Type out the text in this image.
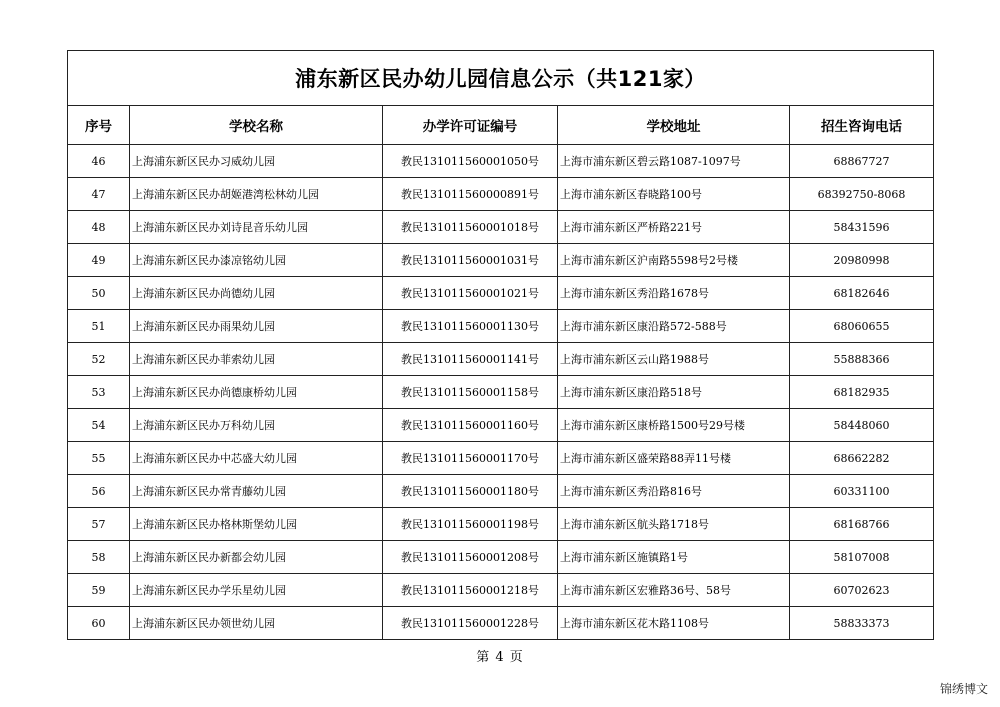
浦东新区民办幼儿园信息公示（共121家）				
序号	学校名称	办学许可证编号	学校地址	招生咨询电话
46	上海浦东新区民办习威幼儿园	教民131011560001050号	上海市浦东新区碧云路1087-1097号	68867727
47	上海浦东新区民办胡姬港湾松林幼儿园	教民131011560000891号	上海市浦东新区春晓路100号	68392750-8068
48	上海浦东新区民办刘诗昆音乐幼儿园	教民131011560001018号	上海市浦东新区严桥路221号	58431596
49	上海浦东新区民办漆凉铭幼儿园	教民131011560001031号	上海市浦东新区沪南路5598号2号楼	20980998
50	上海浦东新区民办尚德幼儿园	教民131011560001021号	上海市浦东新区秀沿路1678号	68182646
51	上海浦东新区民办雨果幼儿园	教民131011560001130号	上海市浦东新区康沿路572-588号	68060655
52	上海浦东新区民办菲索幼儿园	教民131011560001141号	上海市浦东新区云山路1988号	55888366
53	上海浦东新区民办尚德康桥幼儿园	教民131011560001158号	上海市浦东新区康沿路518号	68182935
54	上海浦东新区民办万科幼儿园	教民131011560001160号	上海市浦东新区康桥路1500号29号楼	58448060
55	上海浦东新区民办中芯盛大幼儿园	教民131011560001170号	上海市浦东新区盛荣路88弄11号楼	68662282
56	上海浦东新区民办常青藤幼儿园	教民131011560001180号	上海市浦东新区秀沿路816号	60331100
57	上海浦东新区民办格林斯堡幼儿园	教民131011560001198号	上海市浦东新区航头路1718号	68168766
58	上海浦东新区民办新都会幼儿园	教民131011560001208号	上海市浦东新区施镇路1号	58107008
59	上海浦东新区民办学乐星幼儿园	教民131011560001218号	上海市浦东新区宏雅路36号、58号	60702623
60	上海浦东新区民办领世幼儿园	教民131011560001228号	上海市浦东新区花木路1108号	58833373
第 4 页
锦绣博文
